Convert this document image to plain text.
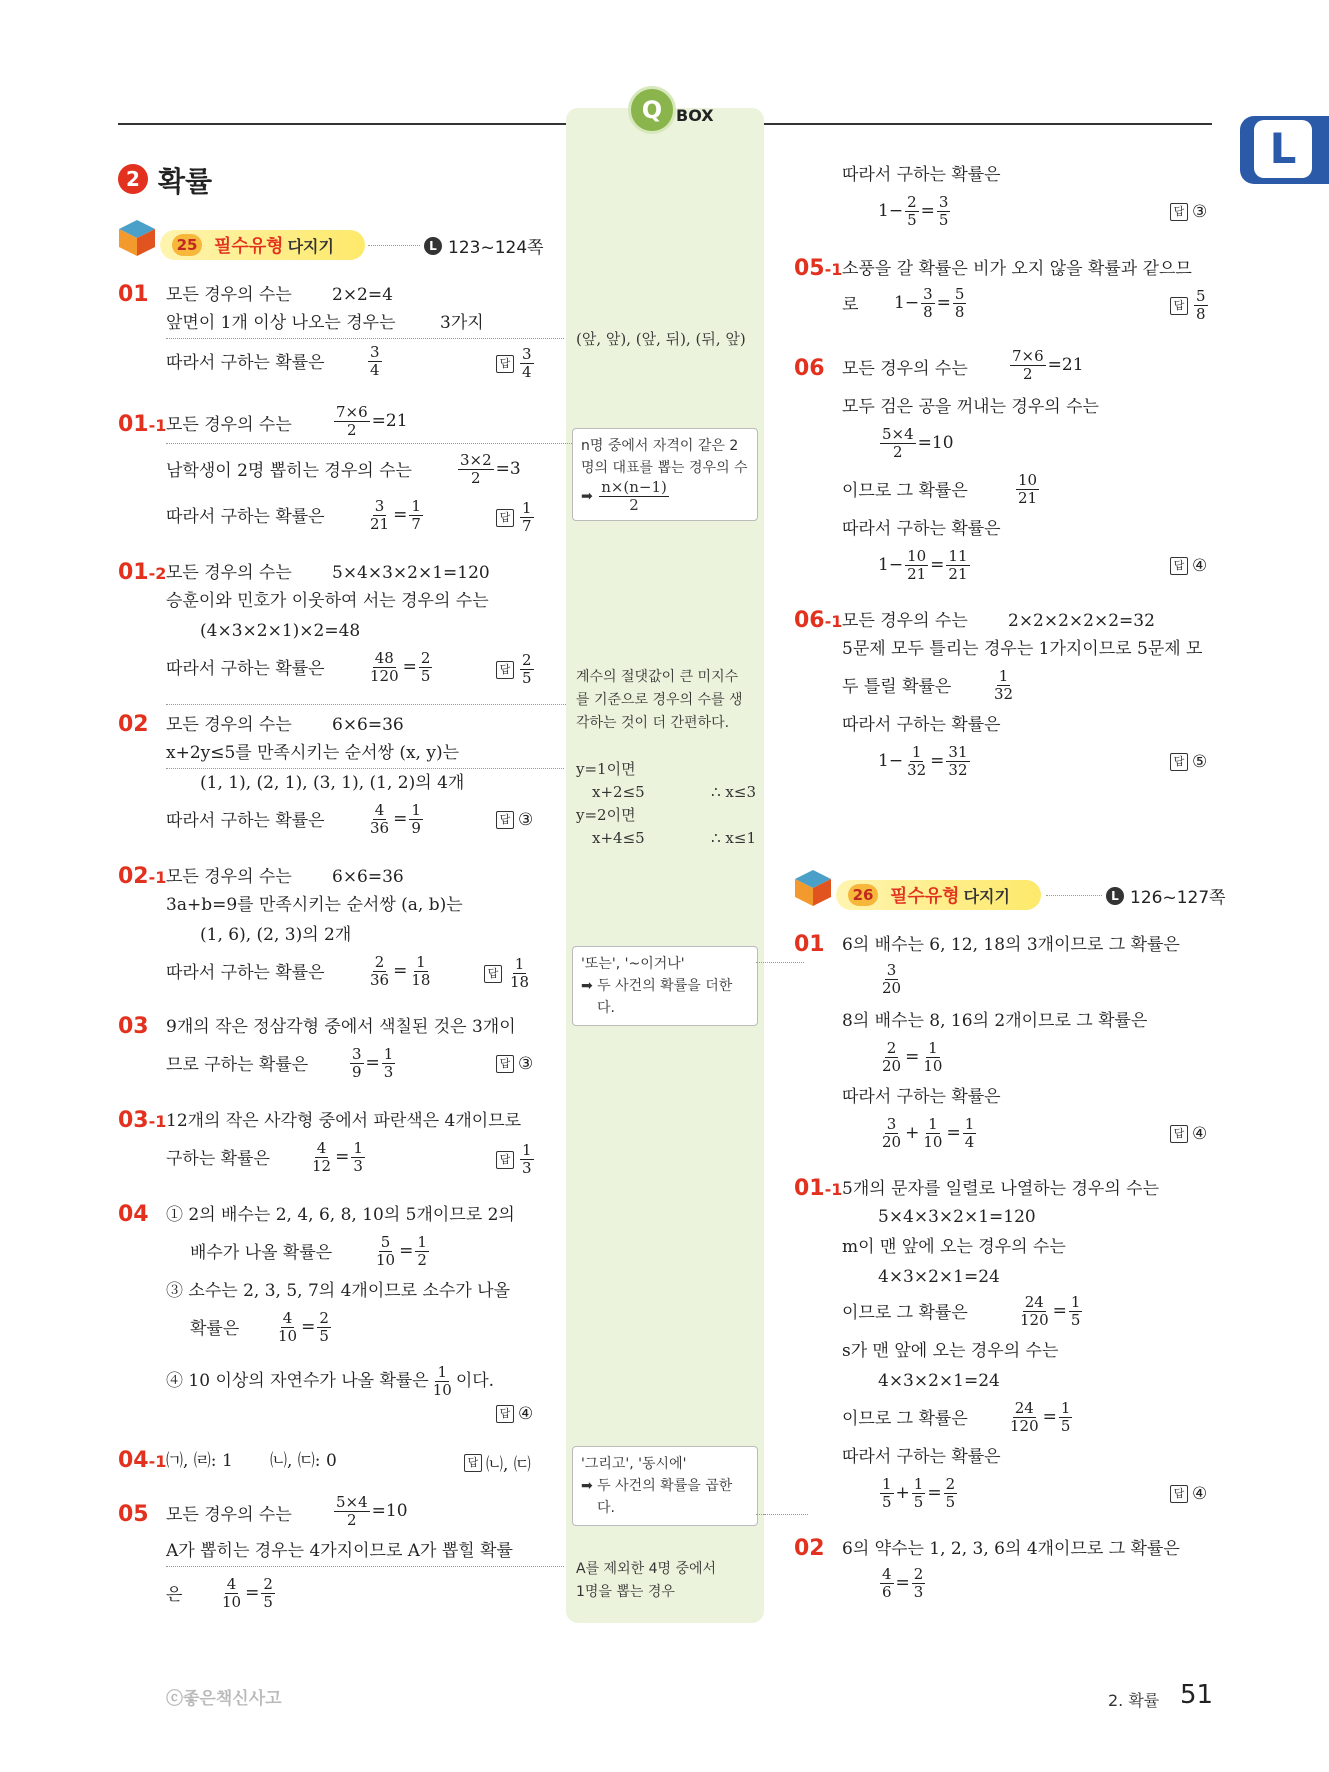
L
Q BOX
2 확률
25 필수유형 다지기	L 123~124쪽
01 모든 경우의 수는 2×2=4
앞면이 1개 이상 나오는 경우는	3가지
따라서 구하는 확률은	$\frac{3}{4}$	답 $\frac{3}{4}$
01-1 모든 경우의 수는	$\frac{7\times 6}{2} =21$
남학생이 2명 뽑히는 경우의 수는	$\frac{3\times 2}{2} =3$
따라서 구하는 확률은	$\frac{3}{21} = \frac{1}{7}$	답 $\frac{1}{7}$
01-2 모든 경우의 수는 5×4×3×2×1=120
승훈이와 민호가 이웃하여 서는 경우의 수는
(4×3×2×1)×2=48
따라서 구하는 확률은	$\frac{48}{120} = \frac{2}{5}$	답 $\frac{2}{5}$
02 모든 경우의 수는 6×6=36
x+2y≤5를 만족시키는 순서쌍 (x, y)는
(1, 1), (2, 1), (3, 1), (1, 2)의 4개
따라서 구하는 확률은	$\frac{4}{36} = \frac{1}{9}$	답 ③
02-1 모든 경우의 수는 6×6=36
3a+b=9를 만족시키는 순서쌍 (a, b)는
(1, 6), (2, 3)의 2개
따라서 구하는 확률은	$\frac{2}{36} = \frac{1}{18}$	답 $\frac{1}{18}$
03 9개의 작은 정삼각형 중에서 색칠된 것은 3개이
므로 구하는 확률은	$\frac{3}{9} = \frac{1}{3}$	답 ③
03-1 12개의 작은 사각형 중에서 파란색은 4개이므로
구하는 확률은	$\frac{4}{12} = \frac{1}{3}$	답 $\frac{1}{3}$
04 ① 2의 배수는 2, 4, 6, 8, 10의 5개이므로 2의
배수가 나올 확률은	$\frac{5}{10} = \frac{1}{2}$
③ 소수는 2, 3, 5, 7의 4개이므로 소수가 나올
확률은 $\frac{4}{10} = \frac{2}{5}$
④ 10 이상의 자연수가 나올 확률은 $\frac{1}{10}$ 이다.
답 ④
04-1 ㈀, ㈃: 1 ㈁, ㈂: 0	답 ㈁, ㈂
05 모든 경우의 수는	$\frac{5\times 4}{2} =10$
A가 뽑히는 경우는 4가지이므로 A가 뽑힐 확률
은	$\frac{4}{10} = \frac{2}{5}$
(앞, 앞), (앞, 뒤), (뒤, 앞)
n명 중에서 자격이 같은 2
명의 대표를 뽑는 경우의 수
➡ $\frac{n\times(n-1)}{2}$
계수의 절댓값이 큰 미지수
를 기준으로 경우의 수를 생
각하는 것이 더 간편하다.
y=1이면
x+2≤5	∴ x≤3
y=2이면
x+4≤5	∴ x≤1
'또는', '~이거나'
➡ 두 사건의 확률을 더한
다.
'그리고', '동시에'
➡ 두 사건의 확률을 곱한
다.
A를 제외한 4명 중에서
1명을 뽑는 경우
따라서 구하는 확률은
$1- \frac{2}{5} = \frac{3}{5}$	답 ③
05-1 소풍을 갈 확률은 비가 오지 않을 확률과 같으므
로 $1- \frac{3}{8} = \frac{5}{8}$	답 $\frac{5}{8}$
06 모든 경우의 수는	$\frac{7\times 6}{2} =21$
모두 검은 공을 꺼내는 경우의 수는
$\frac{5\times 4}{2} =10$
이므로 그 확률은	$\frac{10}{21}$
따라서 구하는 확률은
$1- \frac{10}{21} = \frac{11}{21}$	답 ④
06-1 모든 경우의 수는 2×2×2×2×2=32
5문제 모두 틀리는 경우는 1가지이므로 5문제 모
두 틀릴 확률은	$\frac{1}{32}$
따라서 구하는 확률은
$1- \frac{1}{32} = \frac{31}{32}$	답 ⑤
26 필수유형 다지기	L 126~127쪽
01 6의 배수는 6, 12, 18의 3개이므로 그 확률은
$\frac{3}{20}$
8의 배수는 8, 16의 2개이므로 그 확률은
$\frac{2}{20} = \frac{1}{10}$
따라서 구하는 확률은
$\frac{3}{20} + \frac{1}{10} = \frac{1}{4}$	답 ④
01-1 5개의 문자를 일렬로 나열하는 경우의 수는
5×4×3×2×1=120
m이 맨 앞에 오는 경우의 수는
4×3×2×1=24
이므로 그 확률은	$\frac{24}{120} = \frac{1}{5}$
s가 맨 앞에 오는 경우의 수는
4×3×2×1=24
이므로 그 확률은	$\frac{24}{120} = \frac{1}{5}$
따라서 구하는 확률은
$\frac{1}{5} + \frac{1}{5} = \frac{2}{5}$	답 ④
02 6의 약수는 1, 2, 3, 6의 4개이므로 그 확률은
$\frac{4}{6} = \frac{2}{3}$
ⓒ좋은책신사고	2. 확률 51
